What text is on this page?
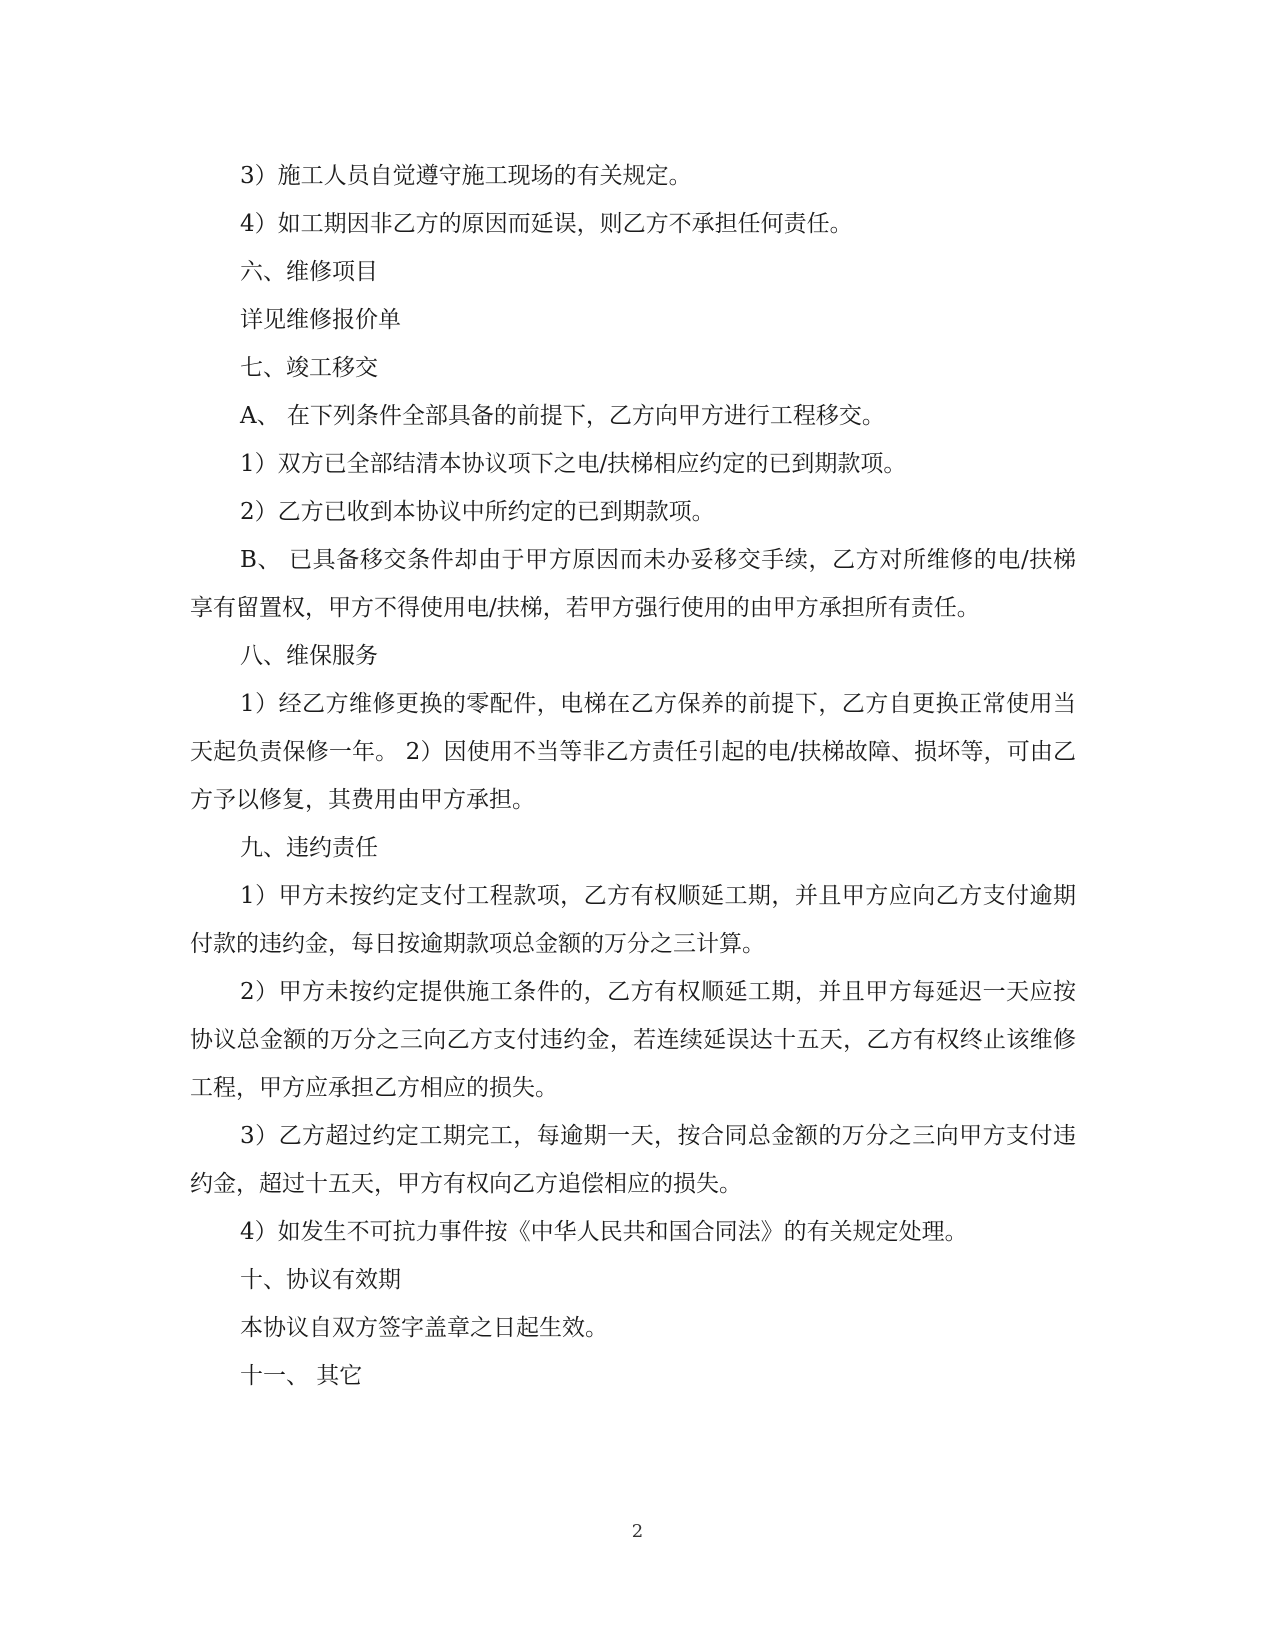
3）施工人员自觉遵守施工现场的有关规定。

4）如工期因非乙方的原因而延误，则乙方不承担任何责任。

六、维修项目

详见维修报价单

七、竣工移交

A、 在下列条件全部具备的前提下，乙方向甲方进行工程移交。

1）双方已全部结清本协议项下之电/扶梯相应约定的已到期款项。

2）乙方已收到本协议中所约定的已到期款项。

B、 已具备移交条件却由于甲方原因而未办妥移交手续，乙方对所维修的电/扶梯享有留置权，甲方不得使用电/扶梯，若甲方强行使用的由甲方承担所有责任。

八、维保服务

1）经乙方维修更换的零配件，电梯在乙方保养的前提下，乙方自更换正常使用当天起负责保修一年。 2）因使用不当等非乙方责任引起的电/扶梯故障、损坏等，可由乙方予以修复，其费用由甲方承担。

九、违约责任

1）甲方未按约定支付工程款项，乙方有权顺延工期，并且甲方应向乙方支付逾期付款的违约金，每日按逾期款项总金额的万分之三计算。

2）甲方未按约定提供施工条件的，乙方有权顺延工期，并且甲方每延迟一天应按协议总金额的万分之三向乙方支付违约金，若连续延误达十五天，乙方有权终止该维修工程，甲方应承担乙方相应的损失。

3）乙方超过约定工期完工，每逾期一天，按合同总金额的万分之三向甲方支付违约金，超过十五天，甲方有权向乙方追偿相应的损失。

4）如发生不可抗力事件按《中华人民共和国合同法》的有关规定处理。

十、协议有效期

本协议自双方签字盖章之日起生效。

十一、 其它

2
